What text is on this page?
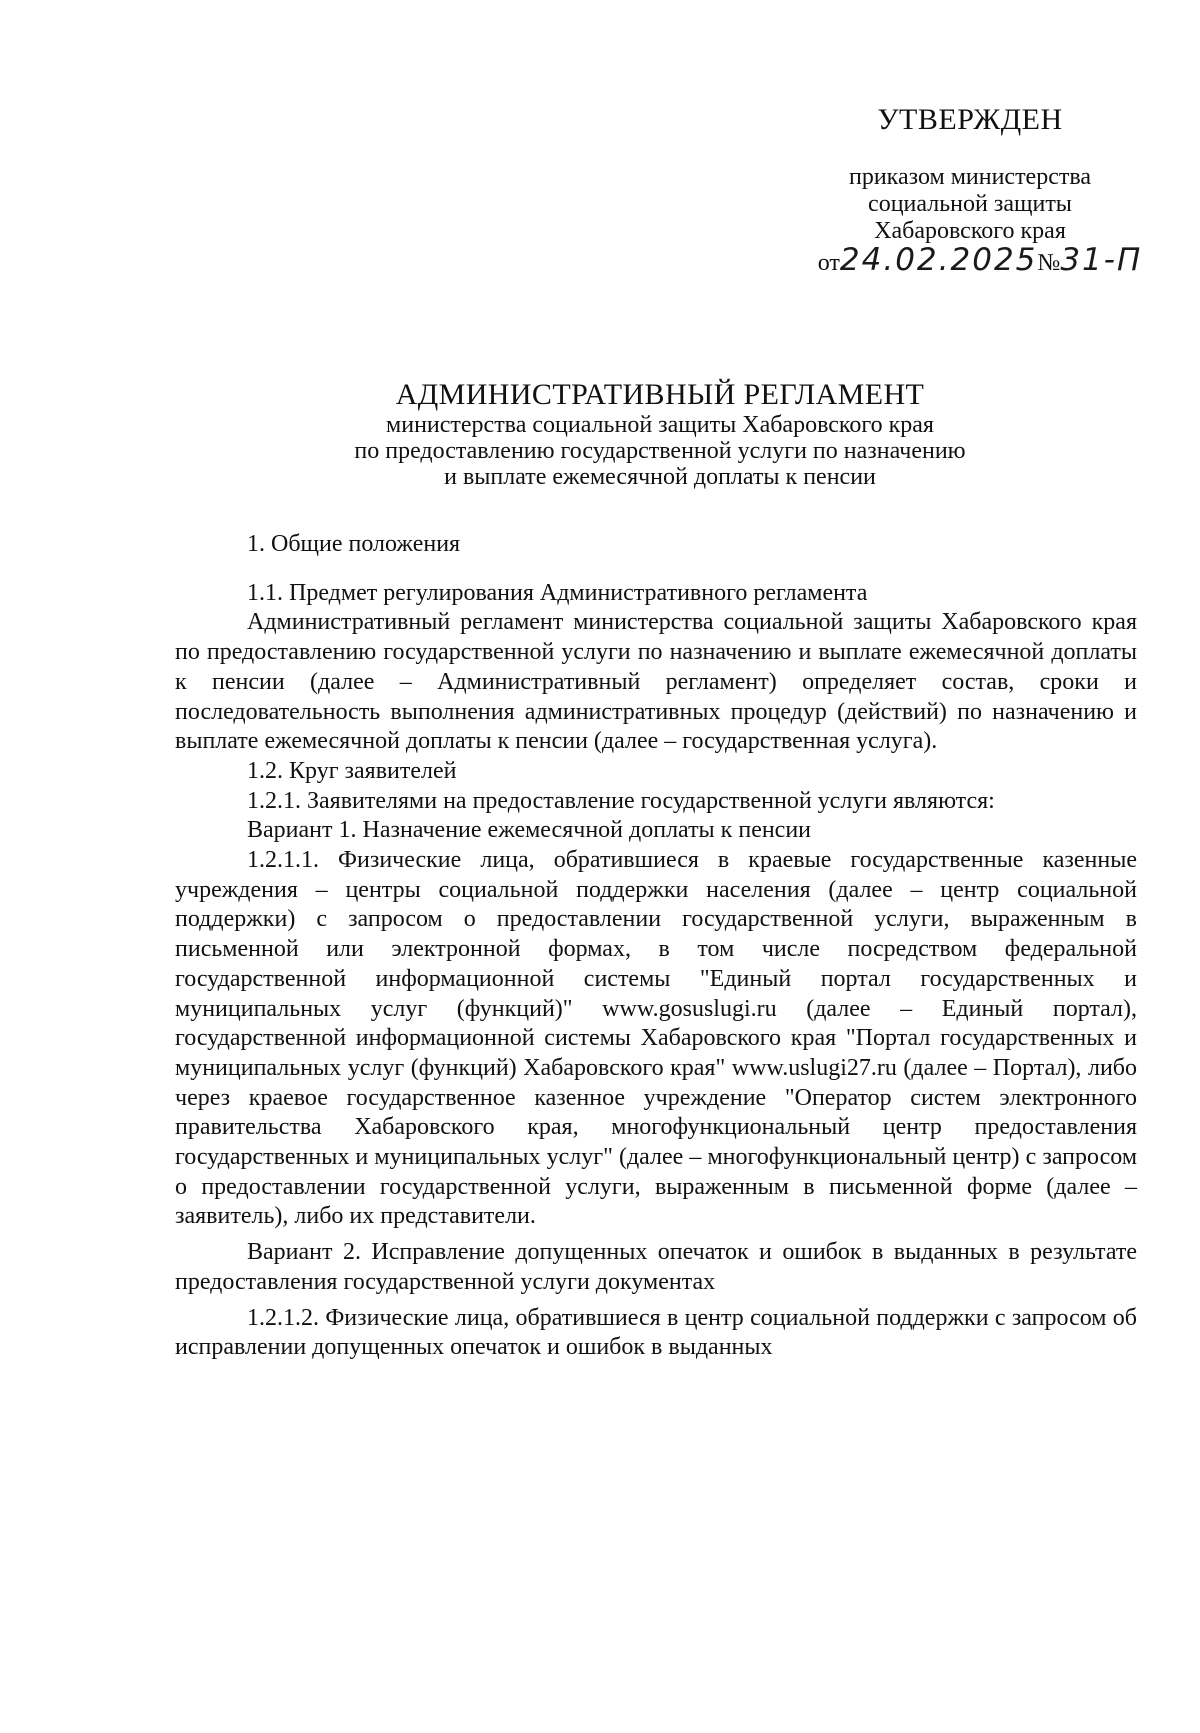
УТВЕРЖДЕН
приказом министерства
социальной защиты
Хабаровского края
от24.02.2025№31-П
АДМИНИСТРАТИВНЫЙ РЕГЛАМЕНТ
министерства социальной защиты Хабаровского края
по предоставлению государственной услуги по назначению
и выплате ежемесячной доплаты к пенсии

1. Общие положения

1.1. Предмет регулирования Административного регламента

Административный регламент министерства социальной защиты Хабаровского края по предоставлению государственной услуги по назначению и выплате ежемесячной доплаты к пенсии (далее – Административный регламент) определяет состав, сроки и последовательность выполнения административных процедур (действий) по назначению и выплате ежемесячной доплаты к пенсии (далее – государственная услуга).

1.2. Круг заявителей

1.2.1. Заявителями на предоставление государственной услуги являются:

Вариант 1. Назначение ежемесячной доплаты к пенсии

1.2.1.1. Физические лица, обратившиеся в краевые государственные казенные учреждения – центры социальной поддержки населения (далее – центр социальной поддержки) с запросом о предоставлении государственной услуги, выраженным в письменной или электронной формах, в том числе посредством федеральной государственной информационной системы "Единый портал государственных и муниципальных услуг (функций)" www.gosuslugi.ru (далее – Единый портал), государственной информационной системы Хабаровского края "Портал государственных и муниципальных услуг (функций) Хабаровского края" www.uslugi27.ru (далее – Портал), либо через краевое государственное казенное учреждение "Оператор систем электронного правительства Хабаровского края, многофункциональный центр предоставления государственных и муниципальных услуг" (далее – многофункциональный центр) с запросом о предоставлении государственной услуги, выраженным в письменной форме (далее – заявитель), либо их представители.

Вариант 2. Исправление допущенных опечаток и ошибок в выданных в результате предоставления государственной услуги документах

1.2.1.2. Физические лица, обратившиеся в центр социальной поддержки с запросом об исправлении допущенных опечаток и ошибок в выданных
